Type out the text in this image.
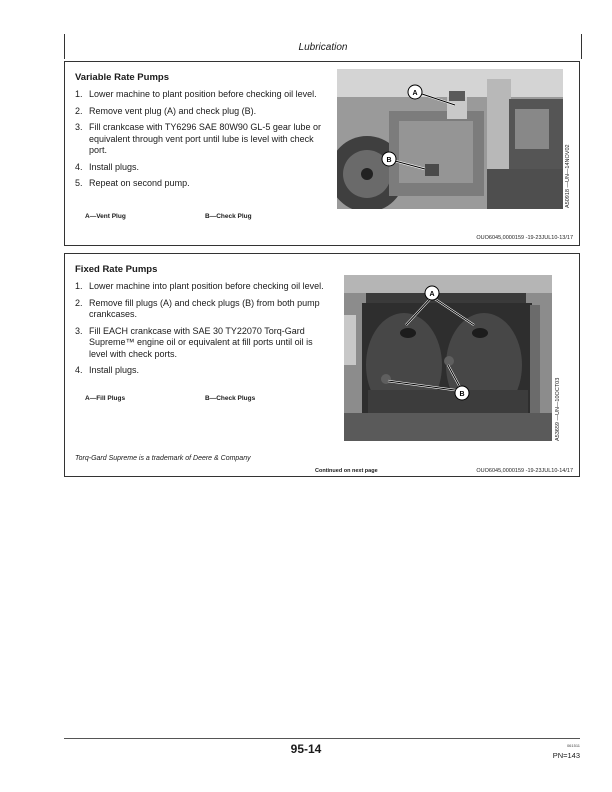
Lubrication
Variable Rate Pumps
1. Lower machine to plant position before checking oil level.
2. Remove vent plug (A) and check plug (B).
3. Fill crankcase with TY6296 SAE 80W90 GL-5 gear lube or equivalent through vent port until lube is level with check port.
4. Install plugs.
5. Repeat on second pump.
A—Vent Plug	B—Check Plug
A
B	A50918 —UN—14NOV02
OUO6045,0000159 -19-23JUL10-13/17
Fixed Rate Pumps
1. Lower machine into plant position before checking oil level.
2. Remove fill plugs (A) and check plugs (B) from both pump crankcases.
3. Fill EACH crankcase with SAE 30 TY22070 Torq-Gard Supreme™ engine oil or equivalent at fill ports until oil is level with check ports.
4. Install plugs.
A—Fill Plugs	B—Check Plugs
A
B	A53659 —UN—10OCT03
Torq-Gard Supreme is a trademark of Deere & Company
Continued on next page	OUO6045,0000159 -19-23JUL10-14/17
95-14	061511
PN=143
